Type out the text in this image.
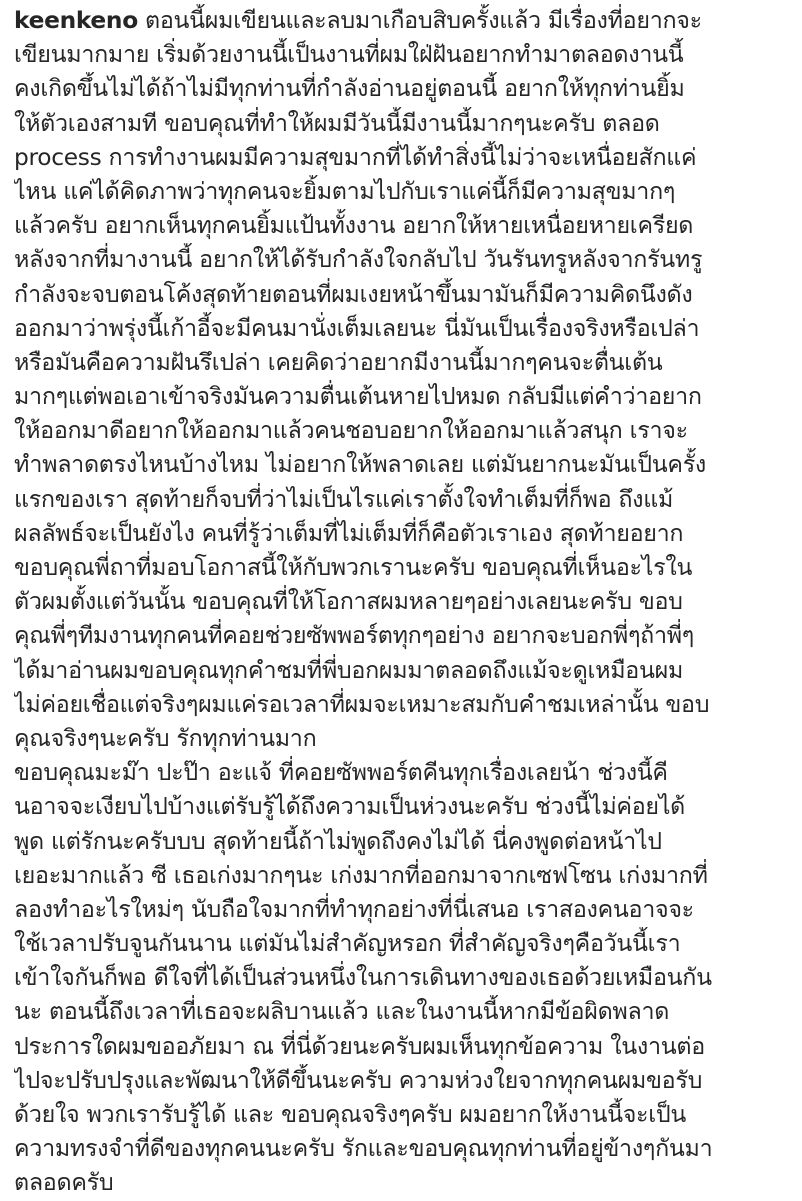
keenkeno ตอนนี้ผมเขียนและลบมาเกือบสิบครั้งแล้ว มีเรื่องที่อยากจะ
เขียนมากมาย เริ่มด้วยงานนี้เป็นงานที่ผมใฝ่ฝันอยากทำมาตลอดงานนี้
คงเกิดขึ้นไม่ได้ถ้าไม่มีทุกท่านที่กำลังอ่านอยู่ตอนนี้ อยากให้ทุกท่านยิ้ม
ให้ตัวเองสามที ขอบคุณที่ทำให้ผมมีวันนี้มีงานนี้มากๆนะครับ ตลอด
process การทำงานผมมีความสุขมากที่ได้ทำสิ่งนี้ไม่ว่าจะเหนื่อยสักแค่
ไหน แค่ได้คิดภาพว่าทุกคนจะยิ้มตามไปกับเราแค่นี้ก็มีความสุขมากๆ
แล้วครับ อยากเห็นทุกคนยิ้มแป้นทั้งงาน อยากให้หายเหนื่อยหายเครียด
หลังจากที่มางานนี้ อยากให้ได้รับกำลังใจกลับไป วันรันทรูหลังจากรันทรู
กำลังจะจบตอนโค้งสุดท้ายตอนที่ผมเงยหน้าขึ้นมามันก็มีความคิดนึงดัง
ออกมาว่าพรุ่งนี้เก้าอี้จะมีคนมานั่งเต็มเลยนะ นี่มันเป็นเรื่องจริงหรือเปล่า
หรือมันคือความฝันรึเปล่า เคยคิดว่าอยากมีงานนี้มากๆคนจะตื่นเต้น
มากๆแต่พอเอาเข้าจริงมันความตื่นเต้นหายไปหมด กลับมีแต่คำว่าอยาก
ให้ออกมาดีอยากให้ออกมาแล้วคนชอบอยากให้ออกมาแล้วสนุก เราจะ
ทำพลาดตรงไหนบ้างไหม ไม่อยากให้พลาดเลย แต่มันยากนะมันเป็นครั้ง
แรกของเรา สุดท้ายก็จบที่ว่าไม่เป็นไรแค่เราตั้งใจทำเต็มที่ก็พอ ถึงแม้
ผลลัพธ์จะเป็นยังไง คนที่รู้ว่าเต็มที่ไม่เต็มที่ก็คือตัวเราเอง สุดท้ายอยาก
ขอบคุณพี่ถาที่มอบโอกาสนี้ให้กับพวกเรานะครับ ขอบคุณที่เห็นอะไรใน
ตัวผมตั้งแต่วันนั้น ขอบคุณที่ให้โอกาสผมหลายๆอย่างเลยนะครับ ขอบ
คุณพี่ๆทีมงานทุกคนที่คอยช่วยซัพพอร์ตทุกๆอย่าง อยากจะบอกพี่ๆถ้าพี่ๆ
ได้มาอ่านผมขอบคุณทุกคำชมที่พี่บอกผมมาตลอดถึงแม้จะดูเหมือนผม
ไม่ค่อยเชื่อแต่จริงๆผมแค่รอเวลาที่ผมจะเหมาะสมกับคำชมเหล่านั้น ขอบ
คุณจริงๆนะครับ รักทุกท่านมาก
ขอบคุณมะม๊า ปะป๊า อะแจ้ ที่คอยซัพพอร์ตคีนทุกเรื่องเลยน้า ช่วงนี้คี
นอาจจะเงียบไปบ้างแต่รับรู้ได้ถึงความเป็นห่วงนะครับ ช่วงนี้ไม่ค่อยได้
พูด แต่รักนะครับบบ สุดท้ายนี้ถ้าไม่พูดถึงคงไม่ได้ นี่คงพูดต่อหน้าไป
เยอะมากแล้ว ซี เธอเก่งมากๆนะ เก่งมากที่ออกมาจากเซฟโซน เก่งมากที่
ลองทำอะไรใหม่ๆ นับถือใจมากที่ทำทุกอย่างที่นี่เสนอ เราสองคนอาจจะ
ใช้เวลาปรับจูนกันนาน แต่มันไม่สำคัญหรอก ที่สำคัญจริงๆคือวันนี้เรา
เข้าใจกันก็พอ ดีใจที่ได้เป็นส่วนหนึ่งในการเดินทางของเธอด้วยเหมือนกัน
นะ ตอนนี้ถึงเวลาที่เธอจะผลิบานแล้ว และในงานนี้หากมีข้อผิดพลาด
ประการใดผมขออภัยมา ณ ที่นี่ด้วยนะครับผมเห็นทุกข้อความ ในงานต่อ
ไปจะปรับปรุงและพัฒนาให้ดีขึ้นนะครับ ความห่วงใยจากทุกคนผมขอรับ
ด้วยใจ พวกเรารับรู้ได้ และ ขอบคุณจริงๆครับ ผมอยากให้งานนี้จะเป็น
ความทรงจำที่ดีของทุกคนนะครับ รักและขอบคุณทุกท่านที่อยู่ข้างๆกันมา
ตลอดครับ
